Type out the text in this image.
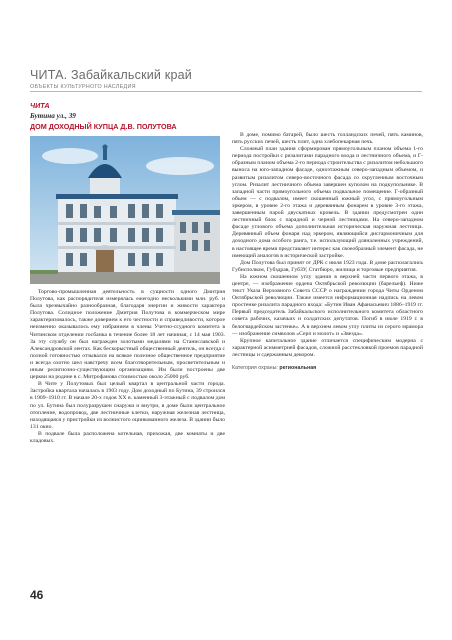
ЧИТА. Забайкальский край
ОБЪЕКТЫ КУЛЬТУРНОГО НАСЛЕДИЯ
ЧИТА
Бутина ул., 39
ДОМ ДОХОДНЫЙ КУПЦА Д.В. ПОЛУТОВА

Торгово-промышленная деятельность в сущности одного Дмитрия Полутова, как распорядителя измерялась ежегодно несколькими млн. руб. и была чрезвычайно разнообразная, благодаря энергии и живости характера Полутова. Солидное положение Дмитрия Полутова в коммерческом мире характеризовалось, также доверием к его честности и справедливости, которое неизменно оказывалось ему избранием в члены Учетно-ссудного комитета в Читинском отделении госбанка в течение более 18 лет начиная, с 14 мая 1903. За эту службу он был награжден золотыми медалями на Станиславской и Александровской лентах. Как бескорыстный общественный деятель, он всегда с полной готовностью отзывался на всякое полезное общественное предприятие и всегда охотно шел навстречу всем благотворительным, просветительным и иным религиозно-существующим организациям. Им были построены две церкви на родине в с. Митрофанова стоимостью около 25000 руб.

В Чите у Полутовых был целый квартал в центральной части города. Застройка квартала началась в 1903 году. Дом доходный по Бутина, 39 строился в 1909–1910 гг. В начале 20-х годов ХХ в. каменный 3-этажный с подвалом дом по ул. Бутина был полуразрушен снаружи и внутри, в доме были центральное отопление, водопровод, две лестничные клетки, наружная железная лестница, находящаяся у пристройки из волнистого оцинкованного железа. В здании было 131 окно.

В подвале была расположена котельная, прихожая, две комнаты и две кладовых.

В доме, помимо батарей, было шесть голландских печей, пять каминов, пять русских печей, шесть плит, одна хлебопекарная печь.

Сложный план здания сформирован прямоугольным планом объема 1-го периода постройки с ризалитами парадного входа и лестничного объема, и Г-образным планом объема 2-го периода строительства с ризалитом небольшого выноса на юго-западном фасаде, одноэтажным северо-западным объемом, и развитым ризалитом северо-восточного фасада со скругленным восточным углом. Ризалит лестничного объема завершен куполом на подкупольнике. В западной части прямоугольного объема подвальное помещение. Г-образный объем — с подвалом, имеет скошенный южный угол, с прямоугольным эркером, в уровне 2-го этажа и деревянным фонарем в уровне 3-го этажа, завершенным парой двускатных кровель. В здании предусмотрен один лестничный блок с парадной и черной лестницами. На северо-западном фасаде углового объема дополнительная историческая наружная лестница. Деревянный объем фонаря над эркером, являющийся дисгармоничным для доходного дома особого ранга, т.е. использующий дляналенных учреждений, в настоящее время представляет интерес как своеобразный элемент фасада, не имеющий аналогов в исторической застройке.

Дом Полутова был принят от ДРК с июля 1923 года. В доме располагались Губисполком, Губздрав, ГубЗУ, Статбюро, жилища и торговые предприятия.

На южном скошенном углу здания в верхней части первого этажа, в центре, — изображение ордена Октябрьской революции (барельеф). Ниже текст Указа Верховного Совета СССР о награждении города Читы Орденом Октябрьской революции. Также имеется информационная надпись на левом простенке ризалита парадного входа: «Бутин Иван Афанасьевич 1886–1919 гг. Первый председатель Забайкальского исполнительного комитета областного совета рабочих, казачьих и солдатских депутатов. Погиб в июле 1919 г. в белогвардейском застенке». А в верхнем левом углу плиты из серого мрамора — изображение символов «Серп и молот» и «Звезда».

Крупное капитальное здание отличается специфическим модерна с характерной асимметрией фасадов, сложной расстекловкой проемов парадной лестницы и сдержанным декором.

Категория охраны: региональная
46
